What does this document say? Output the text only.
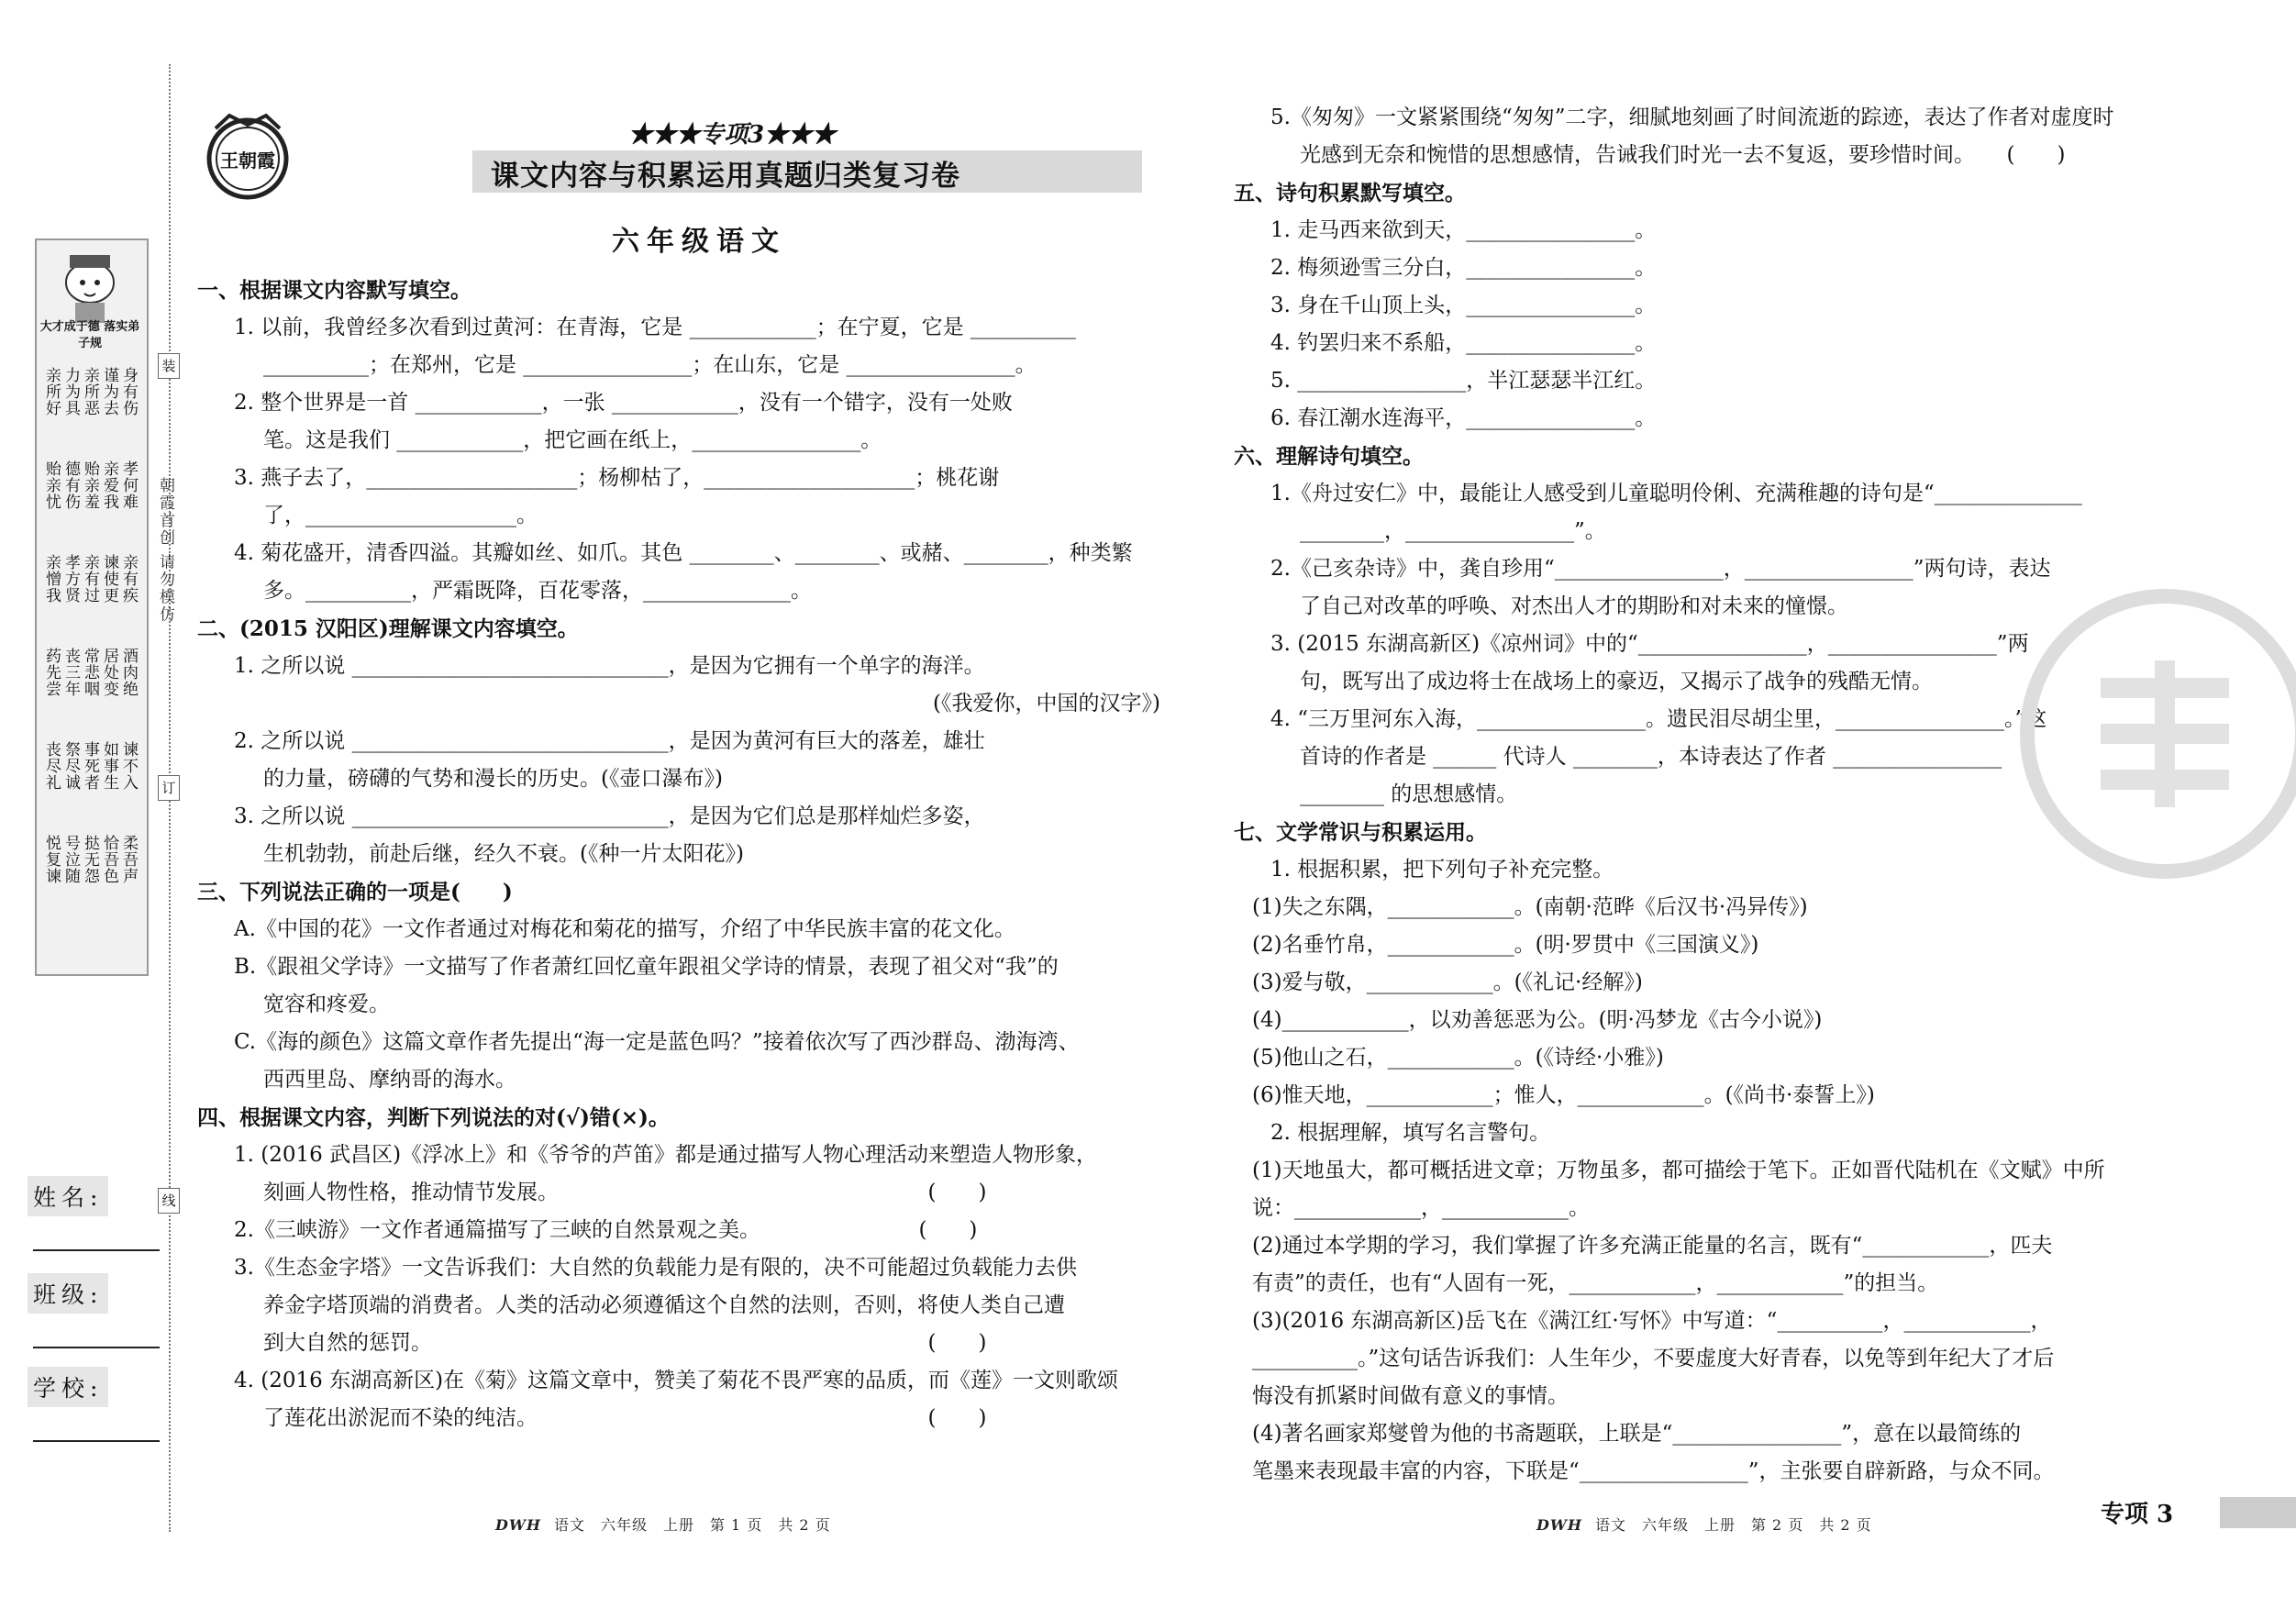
装
订
线
朝霞首创 请勿模仿
大才成于德 落实弟子规
亲所好力为具亲所恶谨为去身有伤贻亲忧德有伤贻亲羞亲爱我孝何难亲憎我孝方贤亲有过谏使更亲有疾药先尝丧三年常悲咽居处变酒肉绝丧尽礼祭尽诚事死者如事生谏不入悦复谏号泣随挞无怨恰吾色柔吾声
姓名:
班级:
学校:
王朝霞
★★★专项3★★★
课文内容与积累运用真题归类复习卷
六年级语文

一、根据课文内容默写填空。

1. 以前，我曾经多次看到过黄河：在青海，它是 ____________；在宁夏，它是 __________

__________；在郑州，它是 ________________；在山东，它是 ________________。

2. 整个世界是一首 ____________，一张 ____________，没有一个错字，没有一处败

笔。这是我们 ____________，把它画在纸上，________________。

3. 燕子去了，____________________；杨柳枯了，____________________；桃花谢

了，____________________。

4. 菊花盛开，清香四溢。其瓣如丝、如爪。其色 ________、________、或赭、________，种类繁

多。__________，严霜既降，百花零落，______________。

二、(2015 汉阳区)理解课文内容填空。

1. 之所以说 ______________________________，是因为它拥有一个单字的海洋。

(《我爱你，中国的汉字》)

2. 之所以说 ______________________________，是因为黄河有巨大的落差，雄壮

的力量，磅礴的气势和漫长的历史。(《壶口瀑布》)

3. 之所以说 ______________________________，是因为它们总是那样灿烂多姿，

生机勃勃，前赴后继，经久不衰。(《种一片太阳花》)

三、下列说法正确的一项是(　　)

A.《中国的花》一文作者通过对梅花和菊花的描写，介绍了中华民族丰富的花文化。

B.《跟祖父学诗》一文描写了作者萧红回忆童年跟祖父学诗的情景，表现了祖父对“我”的

宽容和疼爱。

C.《海的颜色》这篇文章作者先提出“海一定是蓝色吗？”接着依次写了西沙群岛、渤海湾、

西西里岛、摩纳哥的海水。

四、根据课文内容，判断下列说法的对(√)错(×)。

1. (2016 武昌区)《浮冰上》和《爷爷的芦笛》都是通过描写人物心理活动来塑造人物形象，

刻画人物性格，推动情节发展。　　　　　　　　　　　　　　　　　　(　　)

2.《三峡游》一文作者通篇描写了三峡的自然景观之美。　　　　　　　　(　　)

3.《生态金字塔》一文告诉我们：大自然的负载能力是有限的，决不可能超过负载能力去供

养金字塔顶端的消费者。人类的活动必须遵循这个自然的法则，否则，将使人类自己遭

到大自然的惩罚。　　　　　　　　　　　　　　　　　　　　　　　　(　　)

4. (2016 东湖高新区)在《菊》这篇文章中，赞美了菊花不畏严寒的品质，而《莲》一文则歌颂

了莲花出淤泥而不染的纯洁。　　　　　　　　　　　　　　　　　　　(　　)

5.《匆匆》一文紧紧围绕“匆匆”二字，细腻地刻画了时间流逝的踪迹，表达了作者对虚度时

光感到无奈和惋惜的思想感情，告诫我们时光一去不复返，要珍惜时间。　　(　　)

五、诗句积累默写填空。

1. 走马西来欲到天，________________。

2. 梅须逊雪三分白，________________。

3. 身在千山顶上头，________________。

4. 钓罢归来不系船，________________。

5. ________________，半江瑟瑟半江红。

6. 春江潮水连海平，________________。

六、理解诗句填空。

1.《舟过安仁》中，最能让人感受到儿童聪明伶俐、充满稚趣的诗句是“______________

________，________________”。

2.《己亥杂诗》中，龚自珍用“________________，________________”两句诗，表达

了自己对改革的呼唤、对杰出人才的期盼和对未来的憧憬。

3. (2015 东湖高新区)《凉州词》中的“________________，________________”两

句，既写出了成边将士在战场上的豪迈，又揭示了战争的残酷无情。

4. “三万里河东入海，________________。遗民泪尽胡尘里，________________。”这

首诗的作者是 ______ 代诗人 ________，本诗表达了作者 ________________

________ 的思想感情。

七、文学常识与积累运用。

1. 根据积累，把下列句子补充完整。

(1)失之东隅，____________。(南朝·范晔《后汉书·冯异传》)

(2)名垂竹帛，____________。(明·罗贯中《三国演义》)

(3)爱与敬，____________。(《礼记·经解》)

(4)____________，以劝善惩恶为公。(明·冯梦龙《古今小说》)

(5)他山之石，____________。(《诗经·小雅》)

(6)惟天地，____________；惟人，____________。(《尚书·泰誓上》)

2. 根据理解，填写名言警句。

(1)天地虽大，都可概括进文章；万物虽多，都可描绘于笔下。正如晋代陆机在《文赋》中所

说：____________，____________。

(2)通过本学期的学习，我们掌握了许多充满正能量的名言，既有“____________，匹夫

有责”的责任，也有“人固有一死，____________，____________”的担当。

(3)(2016 东湖高新区)岳飞在《满江红·写怀》中写道：“__________，____________，

__________。”这句话告诉我们：人生年少，不要虚度大好青春，以免等到年纪大了才后

悔没有抓紧时间做有意义的事情。

(4)著名画家郑燮曾为他的书斋题联，上联是“________________”，意在以最简练的

笔墨来表现最丰富的内容，下联是“________________”，主张要自辟新路，与众不同。

DWH 语文　六年级　上册　第 1 页　共 2 页	DWH 语文　六年级　上册　第 2 页　共 2 页	专项 3
